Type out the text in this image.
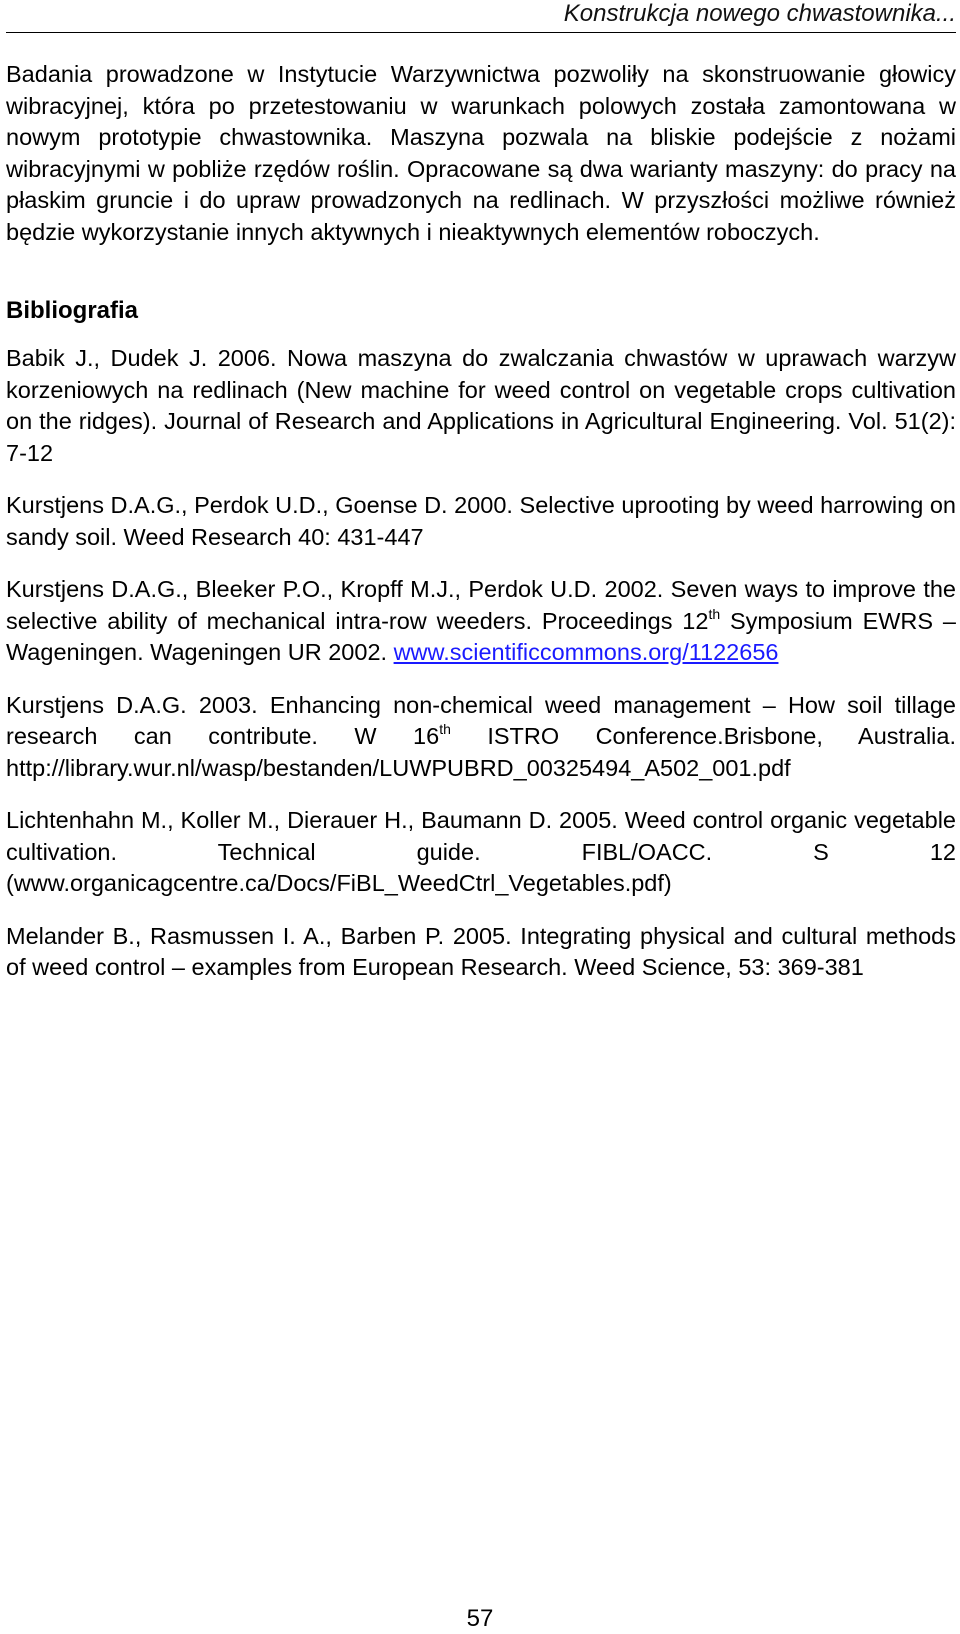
Konstrukcja nowego chwastownika...

Badania prowadzone w Instytucie Warzywnictwa pozwoliły na skonstruowanie głowicy wibracyjnej, która po przetestowaniu w warunkach polowych została zamontowana w nowym prototypie chwastownika. Maszyna pozwala na bliskie podejście z nożami wibracyjnymi w pobliże rzędów roślin. Opracowane są dwa warianty maszyny: do pracy na płaskim gruncie i do upraw prowadzonych na redlinach. W przyszłości możliwe również będzie wykorzystanie innych aktywnych i nieaktywnych elementów roboczych.

Bibliografia
Babik J., Dudek J. 2006. Nowa maszyna do zwalczania chwastów w uprawach warzyw korzeniowych na redlinach (New machine for weed control on vegetable crops cultivation on the ridges). Journal of Research and Applications in Agricultural Engineering. Vol. 51(2): 7-12
Kurstjens D.A.G., Perdok U.D., Goense D. 2000. Selective uprooting by weed harrowing on sandy soil. Weed Research 40: 431-447
Kurstjens D.A.G., Bleeker P.O., Kropff M.J., Perdok U.D. 2002. Seven ways to improve the selective ability of mechanical intra-row weeders. Proceedings 12th Symposium EWRS – Wageningen. Wageningen UR 2002. www.scientificcommons.org/1122656
Kurstjens D.A.G. 2003. Enhancing non-chemical weed management – How soil tillage research can contribute. W 16th ISTRO Conference.Brisbone, Australia. http://library.wur.nl/wasp/bestanden/LUWPUBRD_00325494_A502_001.pdf
Lichtenhahn M., Koller M., Dierauer H., Baumann D. 2005. Weed control organic vegetable cultivation. Technical guide. FIBL/OACC. S 12 (www.organicagcentre.ca/Docs/FiBL_WeedCtrl_Vegetables.pdf)
Melander B., Rasmussen I. A., Barben P. 2005. Integrating physical and cultural methods of weed control – examples from European Research. Weed Science, 53: 369-381
57
